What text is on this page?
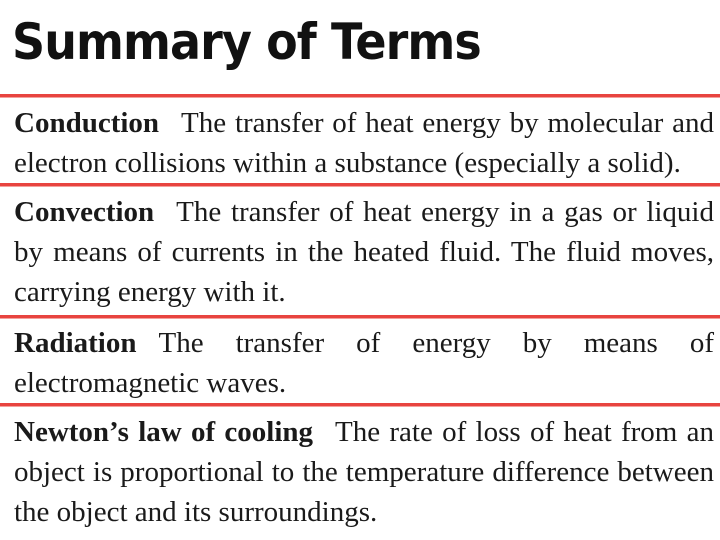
Summary of Terms
Conduction The transfer of heat energy by molecular and electron collisions within a substance (especially a solid).
Convection The transfer of heat energy in a gas or liquid by means of currents in the heated fluid. The fluid moves, carrying energy with it.
Radiation The transfer of energy by means of electromagnetic waves.
Newton’s law of cooling The rate of loss of heat from an object is proportional to the temperature difference between the object and its surroundings.
